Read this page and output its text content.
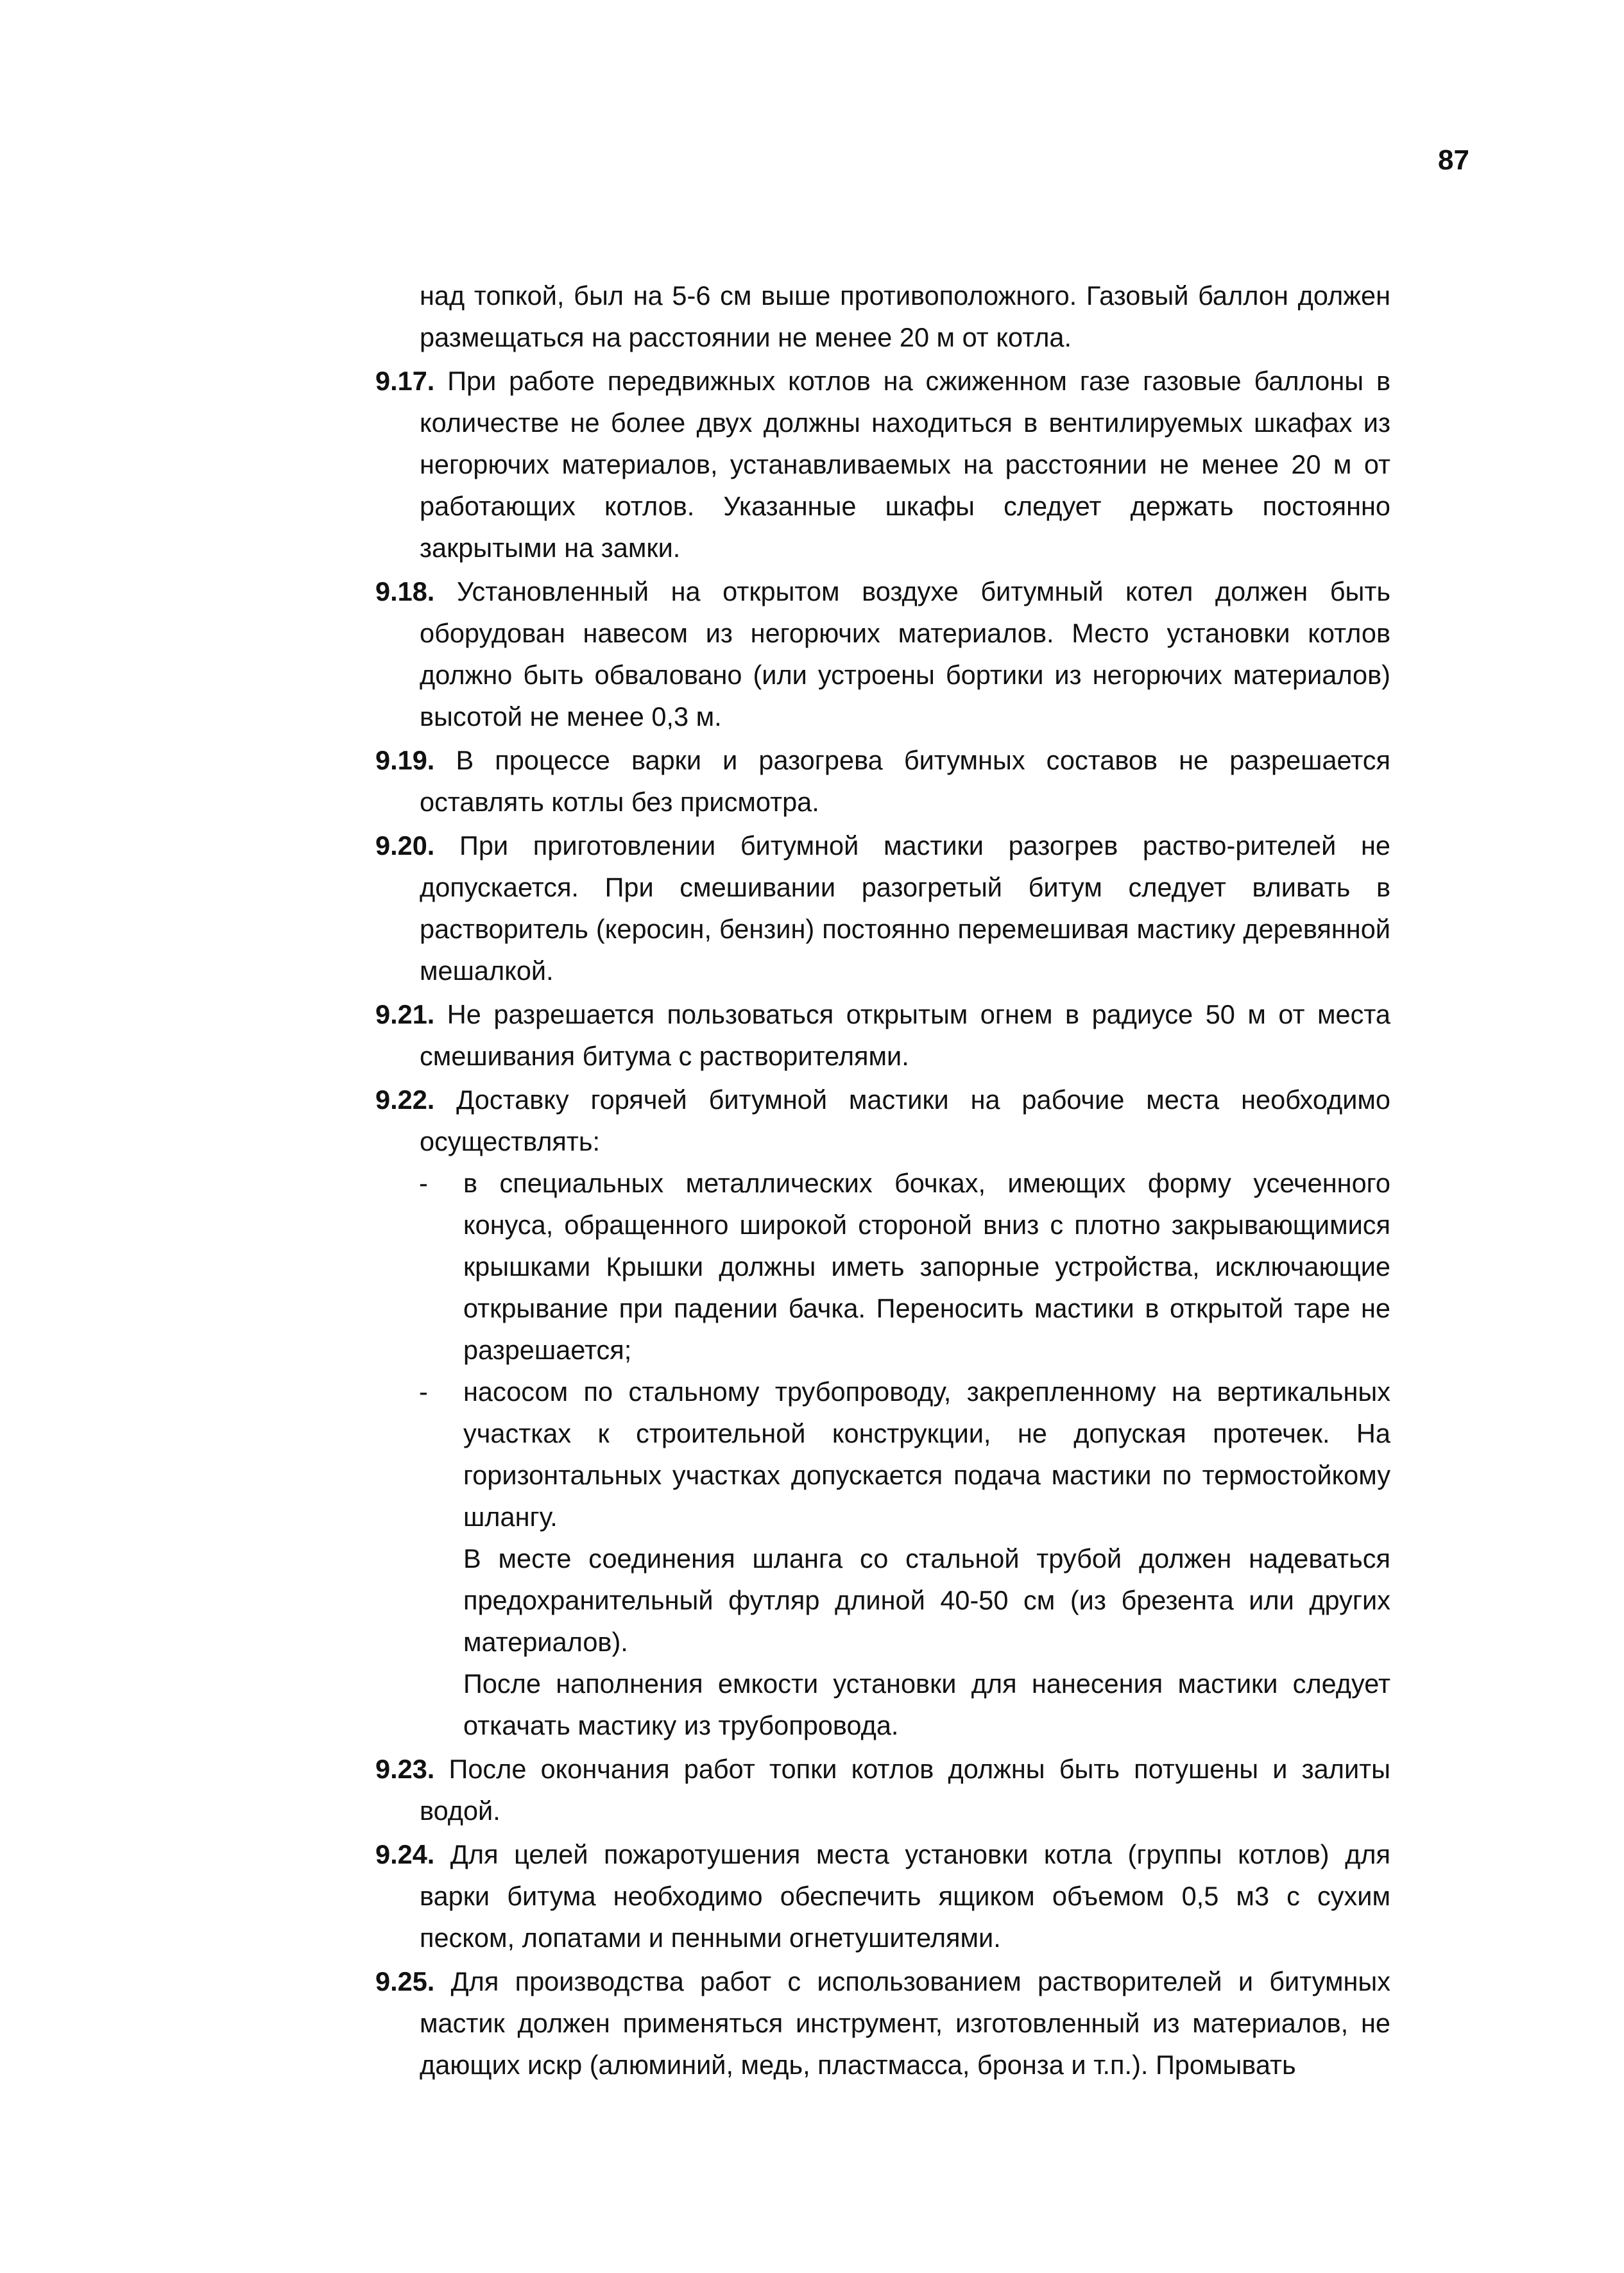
87

над топкой, был на 5-6 см выше противоположного. Газовый баллон должен размещаться на расстоянии не менее 20 м от котла.

9.17. При работе передвижных котлов на сжиженном газе газовые баллоны в количестве не более двух должны находиться в вентилируемых шкафах из негорючих материалов, устанавливаемых на расстоянии не менее 20 м от работающих котлов. Указанные шкафы следует держать постоянно закрытыми на замки.

9.18. Установленный на открытом воздухе битумный котел должен быть оборудован навесом из негорючих материалов. Место установки котлов должно быть обваловано (или устроены бортики из негорючих материалов) высотой не менее 0,3 м.

9.19. В процессе варки и разогрева битумных составов не разрешается оставлять котлы без присмотра.

9.20. При приготовлении битумной мастики разогрев раство-рителей не допускается. При смешивании разогретый битум следует вливать в растворитель (керосин, бензин) постоянно перемешивая мастику деревянной мешалкой.

9.21. Не разрешается пользоваться открытым огнем в радиусе 50 м от места смешивания битума с растворителями.

9.22. Доставку горячей битумной мастики на рабочие места необходимо осуществлять:

- в специальных металлических бочках, имеющих форму усеченного конуса, обращенного широкой стороной вниз с плотно закрывающимися крышками Крышки должны иметь запорные устройства, исключающие открывание при падении бачка. Переносить мастики в открытой таре не разрешается;

- насосом по стальному трубопроводу, закрепленному на вертикальных участках к строительной конструкции, не допуская протечек. На горизонтальных участках допускается подача мастики по термостойкому шлангу.

В месте соединения шланга со стальной трубой должен надеваться предохранительный футляр длиной 40-50 см (из брезента или других материалов).

После наполнения емкости установки для нанесения мастики следует откачать мастику из трубопровода.

9.23. После окончания работ топки котлов должны быть потушены и залиты водой.

9.24. Для целей пожаротушения места установки котла (группы котлов) для варки битума необходимо обеспечить ящиком объемом 0,5 м3 с сухим песком, лопатами и пенными огнетушителями.

9.25. Для производства работ с использованием растворителей и битумных мастик должен применяться инструмент, изготовленный из материалов, не дающих искр (алюминий, медь, пластмасса, бронза и т.п.). Промывать
